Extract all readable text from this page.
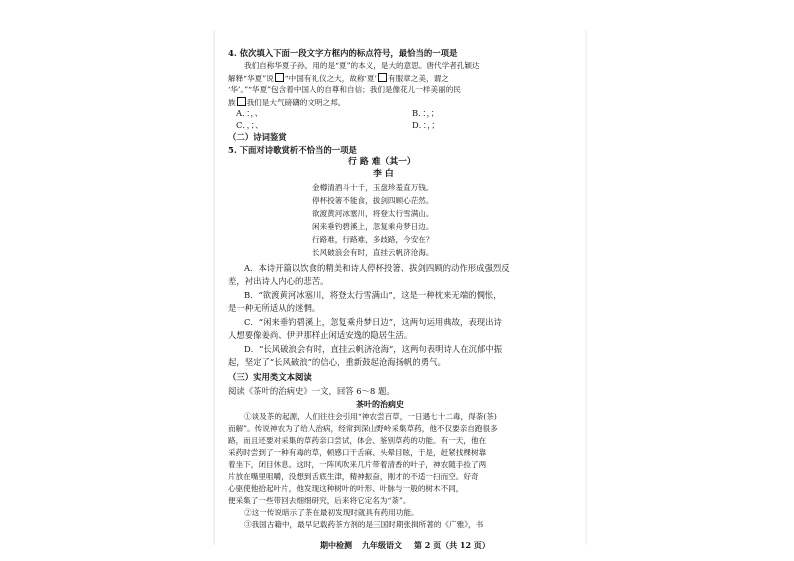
4. 依次填入下面一段文字方框内的标点符号，最恰当的一项是
我们自称华夏子孙，用的是“夏”的本义，是大的意思。唐代学者孔颖达
解释“华夏”说 “中国有礼仪之大，故称‘夏’ 有服章之美，谓之
‘华’。”“华夏”包含着中国人的自尊和自信；我们是像花儿一样美丽的民
族 我们是大气磅礴的文明之邦。
A．：，、	B．：，；
C．，；、	D．：，；
（二）诗词鉴赏
5. 下面对诗歌赏析不恰当的一项是
行 路 难（其一）
李 白
金樽清酒斗十千，玉盘珍羞直万钱。
停杯投箸不能食，拔剑四顾心茫然。
欲渡黄河冰塞川，将登太行雪满山。
闲来垂钓碧溪上，忽复乘舟梦日边。
行路难，行路难，多歧路，今安在？
长风破浪会有时，直挂云帆济沧海。
A．本诗开篇以饮食的精美和诗人停杯投箸、拔剑四顾的动作形成强烈反
差，衬出诗人内心的悲苦。
B．“欲渡黄河冰塞川，将登太行雪满山”，这是一种枕来无端的惆怅，
是一种无所适从的迷惘。
C．“闲来垂钓碧溪上，忽复乘舟梦日边”，这两句运用典故，表现出诗
人想要像姜尚、伊尹那样止闲适安逸的隐居生活。
D．“长风破浪会有时，直挂云帆济沧海”，这两句表明诗人在沉郁中振
起，坚定了“长风破浪”的信心，重新鼓起沧海扬帆的勇气。
（三）实用类文本阅读
阅读《茶叶的治病史》一文，回答 6～8 题。
茶叶的治病史
①谈及茶的起源，人们往往会引用“神农尝百草，一日遇七十二毒，得荼(茶)
而解”。传说神农为了给人治病，经常到深山野岭采集草药，他不仅要亲自跑很多
路，而且还要对采集的草药亲口尝试，体会、鉴别草药的功能。有一天，他在
采药时尝到了一种有毒的草，顿感口干舌麻、头晕目眩，于是，赶紧找棵树靠
着坐下，闭目休息。这时，一阵风吹来几片带着清香的叶子，神农随手捡了两
片放在嘴里咀嚼，没想到舌底生津，精神振奋，刚才的不适一扫而空。好奇
心驱使他拾起叶片，他发现这种树叶的叶形、叶脉与一般的树木不同，
便采集了一些带回去细细研究，后来将它定名为“荼”。
②这一传说暗示了茶在最初发现时就具有药用功能。
③我国古籍中，最早记载药茶方剂的是三国时期张揖所著的《广雅》，书
期中检测 九年级语文 第 2 页（共 12 页）
